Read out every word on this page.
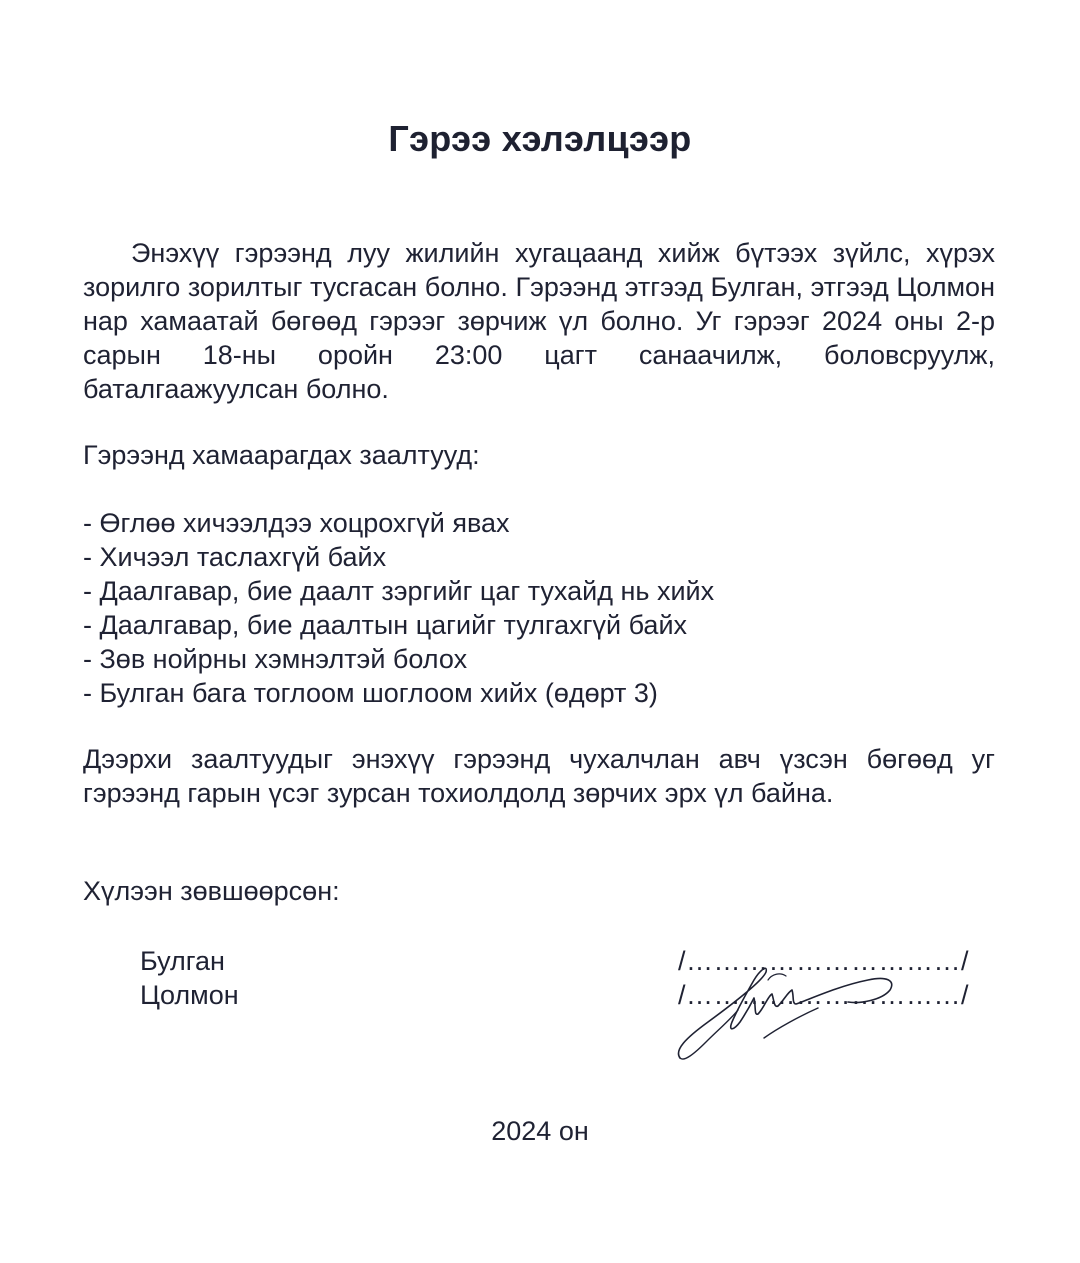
Гэрээ хэлэлцээр
Энэхүү гэрээнд луу жилийн хугацаанд хийж бүтээх зүйлс, хүрэх зорилго зорилтыг тусгасан болно. Гэрээнд этгээд Булган, этгээд Цолмон нар хамаатай бөгөөд гэрээг зөрчиж үл болно. Уг гэрээг 2024 оны 2-р сарын 18-ны оройн 23:00 цагт санаачилж, боловсруулж, баталгаажуулсан болно.
Гэрээнд хамаарагдах заалтууд:
- Өглөө хичээлдээ хоцрохгүй явах
- Хичээл таслахгүй байх
- Даалгавар, бие даалт зэргийг цаг тухайд нь хийх
- Даалгавар, бие даалтын цагийг тулгахгүй байх
- Зөв нойрны хэмнэлтэй болох
- Булган бага тоглоом шоглоом хийх (өдөрт 3)
Дээрхи заалтуудыг энэхүү гэрээнд чухалчлан авч үзсэн бөгөөд уг гэрээнд гарын үсэг зурсан тохиолдолд зөрчих эрх үл байна.
Хүлээн зөвшөөрсөн:
Булган
Цолмон
/…………………………/
/…………………………/
2024 он
